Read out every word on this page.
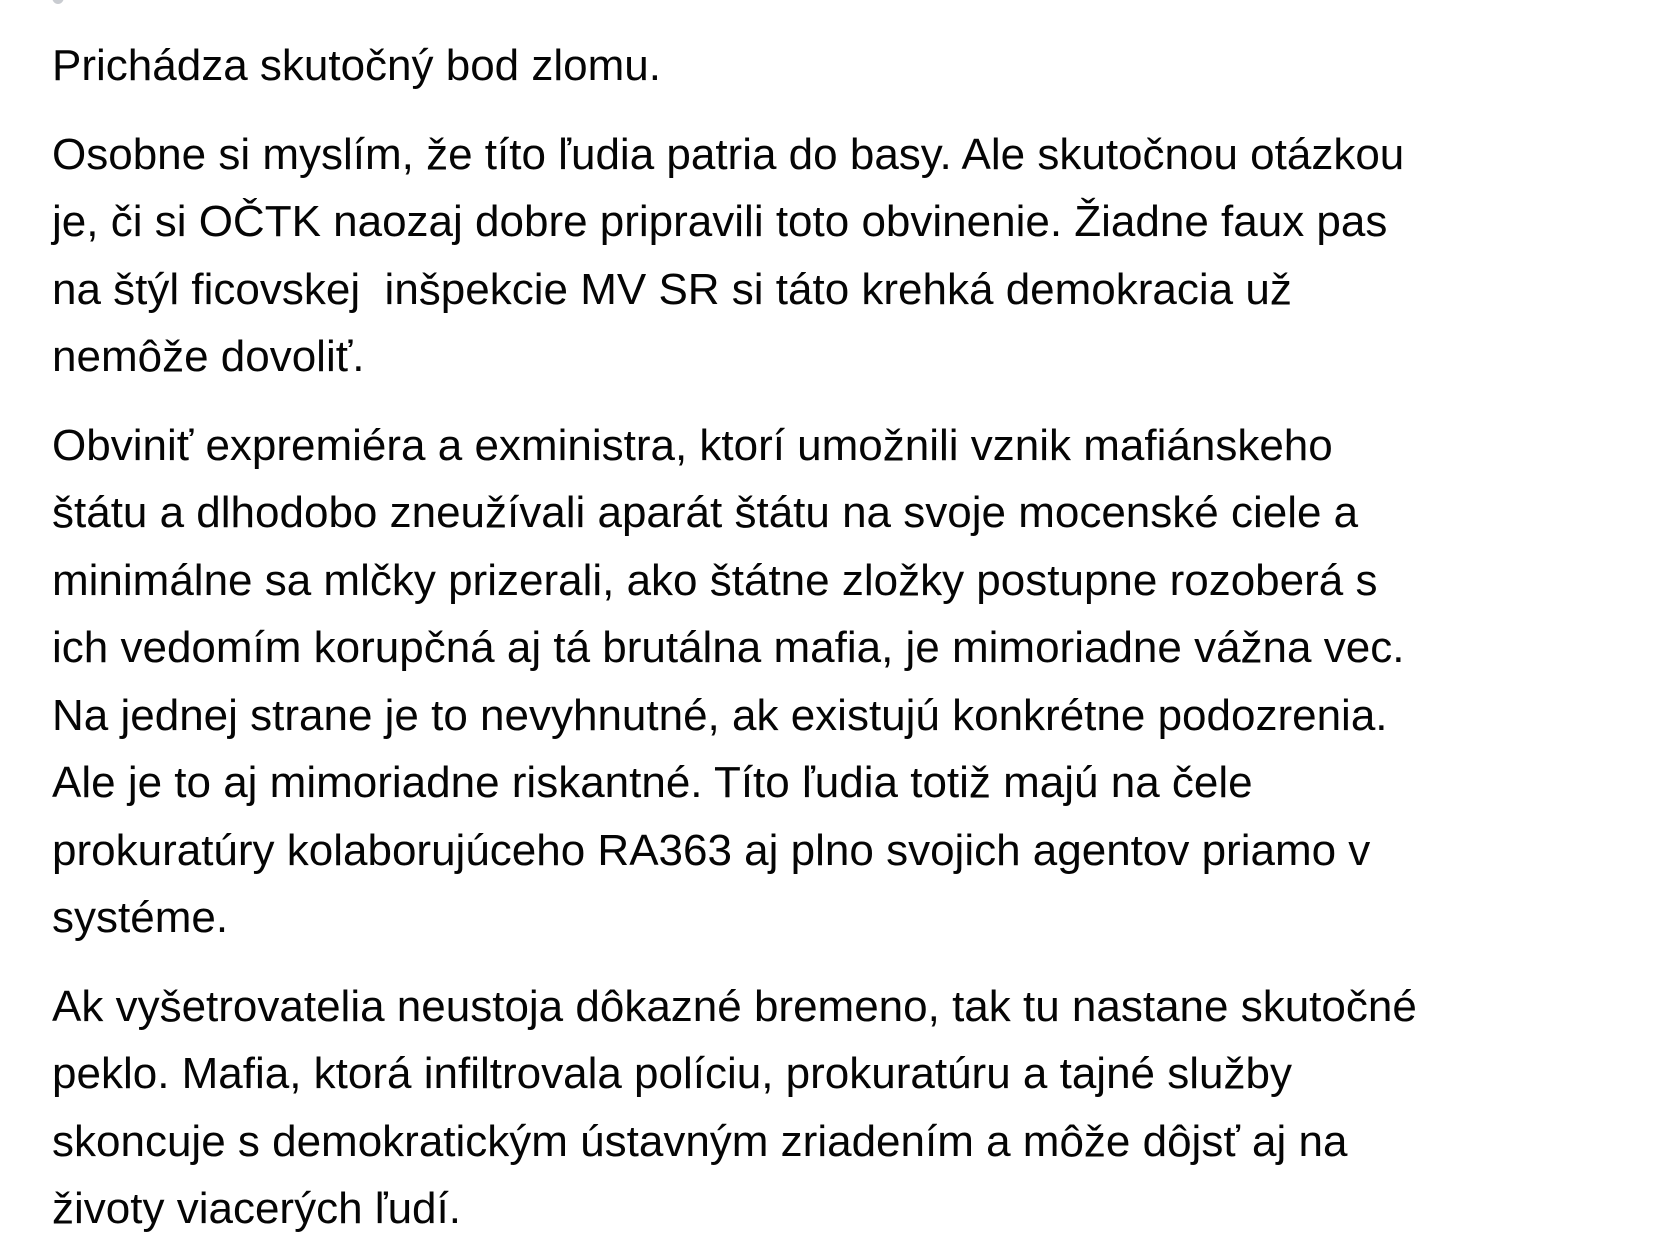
Prichádza skutočný bod zlomu.

Osobne si myslím, že títo ľudia patria do basy. Ale skutočnou otázkou
je, či si OČTK naozaj dobre pripravili toto obvinenie. Žiadne faux pas
na štýl ficovskej  inšpekcie MV SR si táto krehká demokracia už
nemôže dovoliť.

Obviniť expremiéra a exministra, ktorí umožnili vznik mafiánskeho
štátu a dlhodobo zneužívali aparát štátu na svoje mocenské ciele a
minimálne sa mlčky prizerali, ako štátne zložky postupne rozoberá s
ich vedomím korupčná aj tá brutálna mafia, je mimoriadne vážna vec.
Na jednej strane je to nevyhnutné, ak existujú konkrétne podozrenia.
Ale je to aj mimoriadne riskantné. Títo ľudia totiž majú na čele
prokuratúry kolaborujúceho RA363 aj plno svojich agentov priamo v
systéme.

Ak vyšetrovatelia neustoja dôkazné bremeno, tak tu nastane skutočné
peklo. Mafia, ktorá infiltrovala políciu, prokuratúru a tajné služby
skoncuje s demokratickým ústavným zriadením a môže dôjsť aj na
životy viacerých ľudí.
